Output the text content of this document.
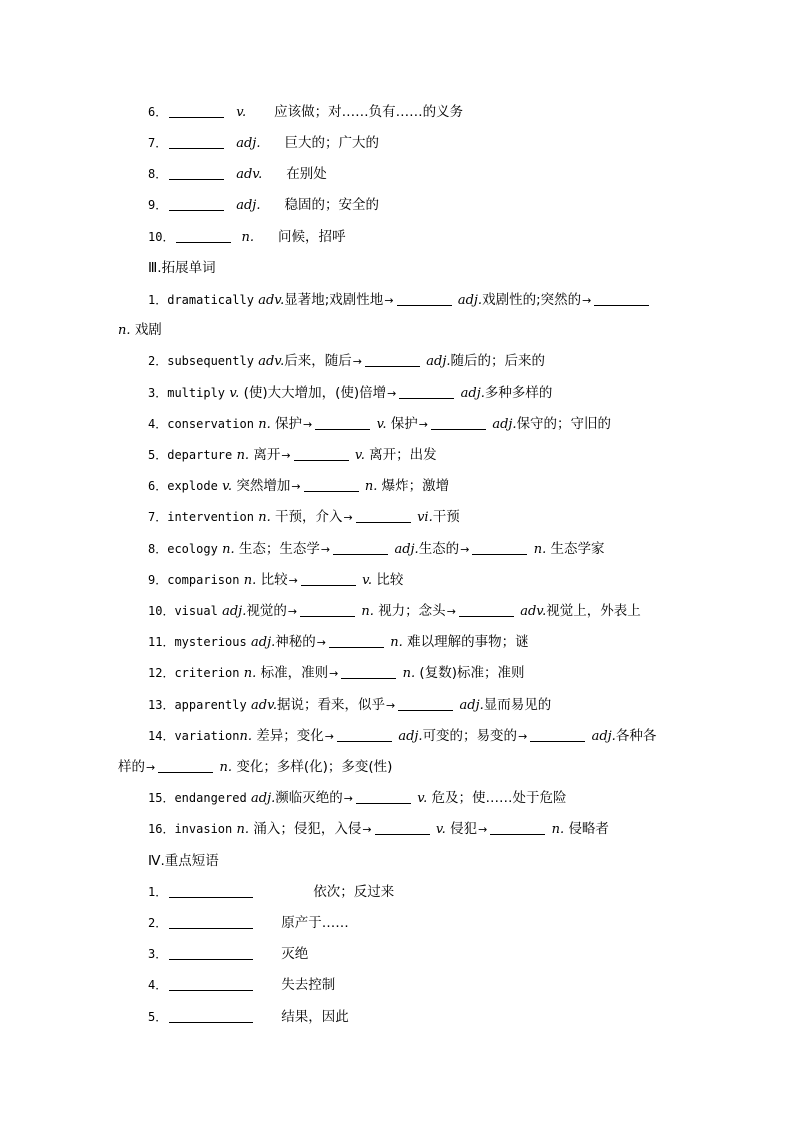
6．	v. 应该做；对……负有……的义务
7．	adj. 巨大的；广大的
8．	adv. 在别处
9．	adj. 稳固的；安全的
10．	n. 问候，招呼
Ⅲ.拓展单词
1．dramatically adv.显著地;戏剧性地→	adj.戏剧性的;突然的→
n. 戏剧
2．subsequently adv.后来，随后→	adj.随后的；后来的
3．multiply v. (使)大大增加，(使)倍增→	adj.多种多样的
4．conservation n. 保护→	v. 保护→	adj.保守的；守旧的
5．departure n. 离开→	v. 离开；出发
6．explode v. 突然增加→	n. 爆炸；激增
7．intervention n. 干预，介入→	vi.干预
8．ecology n. 生态；生态学→	adj.生态的→	n. 生态学家
9．comparison n. 比较→	v. 比较
10．visual adj.视觉的→	n. 视力；念头→	adv.视觉上，外表上
11．mysterious adj.神秘的→	n. 难以理解的事物；谜
12．criterion n. 标准，准则→	n. (复数)标准；准则
13．apparently adv.据说；看来，似乎→	adj.显而易见的
14．variationn. 差异；变化→	adj.可变的；易变的→	adj.各种各
样的→	n. 变化；多样(化)；多变(性)
15．endangered adj.濒临灭绝的→	v. 危及；使……处于危险
16．invasion n. 涌入；侵犯，入侵→	v. 侵犯→	n. 侵略者
Ⅳ.重点短语
1．	依次；反过来
2．	原产于……
3．	灭绝
4．	失去控制
5．	结果，因此
